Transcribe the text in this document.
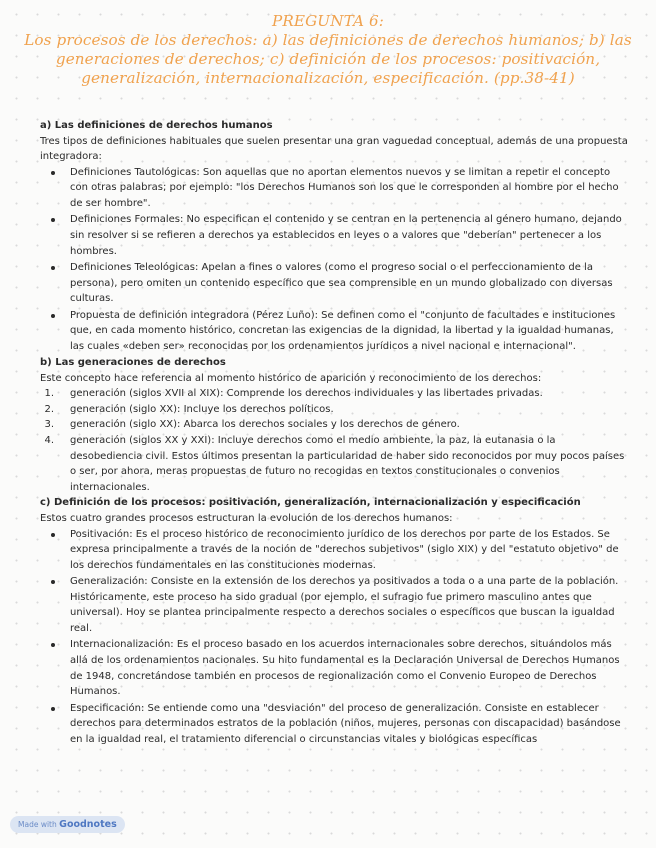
PREGUNTA 6:
Los procesos de los derechos: a) las definiciones de derechos humanos; b) las generaciones de derechos; c) definición de los procesos: positivación, generalización, internacionalización, especificación. (pp.38-41)

a) Las definiciones de derechos humanos

Tres tipos de definiciones habituales que suelen presentar una gran vaguedad conceptual, además de una propuesta integradora:

Definiciones Tautológicas: Son aquellas que no aportan elementos nuevos y se limitan a repetir el concepto con otras palabras; por ejemplo: "los Derechos Humanos son los que le corresponden al hombre por el hecho de ser hombre".
Definiciones Formales: No especifican el contenido y se centran en la pertenencia al género humano, dejando sin resolver si se refieren a derechos ya establecidos en leyes o a valores que "deberían" pertenecer a los hombres.
Definiciones Teleológicas: Apelan a fines o valores (como el progreso social o el perfeccionamiento de la persona), pero omiten un contenido específico que sea comprensible en un mundo globalizado con diversas culturas.
Propuesta de definición integradora (Pérez Luño): Se definen como el "conjunto de facultades e instituciones que, en cada momento histórico, concretan las exigencias de la dignidad, la libertad y la igualdad humanas, las cuales «deben ser» reconocidas por los ordenamientos jurídicos a nivel nacional e internacional".

b) Las generaciones de derechos

Este concepto hace referencia al momento histórico de aparición y reconocimiento de los derechos:

1. generación (siglos XVII al XIX): Comprende los derechos individuales y las libertades privadas.
2. generación (siglo XX): Incluye los derechos políticos.
3. generación (siglo XX): Abarca los derechos sociales y los derechos de género.
4. generación (siglos XX y XXI): Incluye derechos como el medio ambiente, la paz, la eutanasia o la desobediencia civil. Estos últimos presentan la particularidad de haber sido reconocidos por muy pocos países o ser, por ahora, meras propuestas de futuro no recogidas en textos constitucionales o convenios internacionales.

c) Definición de los procesos: positivación, generalización, internacionalización y especificación

Estos cuatro grandes procesos estructuran la evolución de los derechos humanos:

Positivación: Es el proceso histórico de reconocimiento jurídico de los derechos por parte de los Estados. Se expresa principalmente a través de la noción de "derechos subjetivos" (siglo XIX) y del "estatuto objetivo" de los derechos fundamentales en las constituciones modernas.
Generalización: Consiste en la extensión de los derechos ya positivados a toda o a una parte de la población. Históricamente, este proceso ha sido gradual (por ejemplo, el sufragio fue primero masculino antes que universal). Hoy se plantea principalmente respecto a derechos sociales o específicos que buscan la igualdad real.
Internacionalización: Es el proceso basado en los acuerdos internacionales sobre derechos, situándolos más allá de los ordenamientos nacionales. Su hito fundamental es la Declaración Universal de Derechos Humanos de 1948, concretándose también en procesos de regionalización como el Convenio Europeo de Derechos Humanos.
Especificación: Se entiende como una "desviación" del proceso de generalización. Consiste en establecer derechos para determinados estratos de la población (niños, mujeres, personas con discapacidad) basándose en la igualdad real, el tratamiento diferencial o circunstancias vitales y biológicas específicas
Made with Goodnotes
